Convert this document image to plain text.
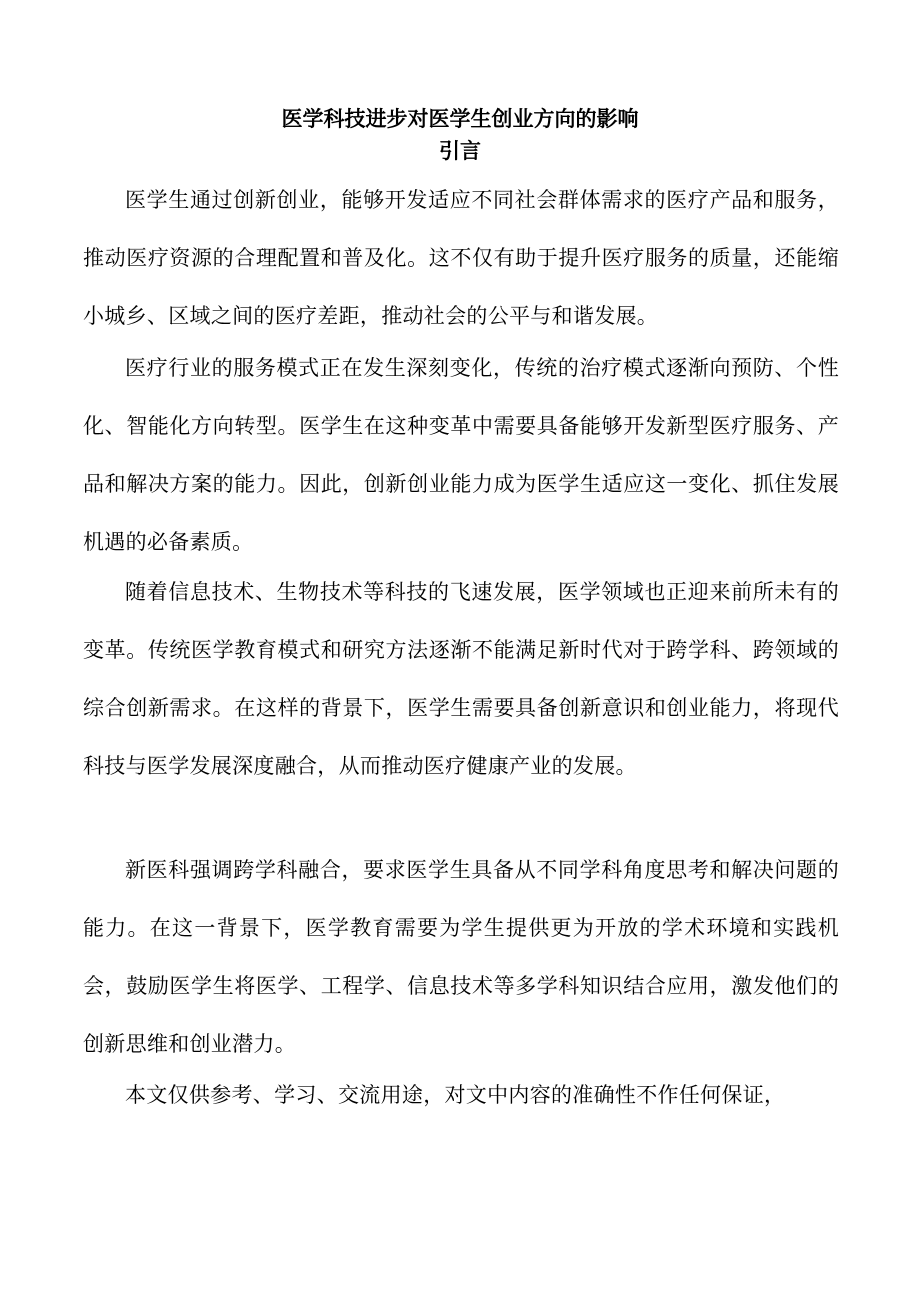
医学科技进步对医学生创业方向的影响
引言

医学生通过创新创业，能够开发适应不同社会群体需求的医疗产品和服务，推动医疗资源的合理配置和普及化。这不仅有助于提升医疗服务的质量，还能缩小城乡、区域之间的医疗差距，推动社会的公平与和谐发展。

医疗行业的服务模式正在发生深刻变化，传统的治疗模式逐渐向预防、个性化、智能化方向转型。医学生在这种变革中需要具备能够开发新型医疗服务、产品和解决方案的能力。因此，创新创业能力成为医学生适应这一变化、抓住发展机遇的必备素质。

随着信息技术、生物技术等科技的飞速发展，医学领域也正迎来前所未有的变革。传统医学教育模式和研究方法逐渐不能满足新时代对于跨学科、跨领域的综合创新需求。在这样的背景下，医学生需要具备创新意识和创业能力，将现代科技与医学发展深度融合，从而推动医疗健康产业的发展。

新医科强调跨学科融合，要求医学生具备从不同学科角度思考和解决问题的能力。在这一背景下，医学教育需要为学生提供更为开放的学术环境和实践机会，鼓励医学生将医学、工程学、信息技术等多学科知识结合应用，激发他们的创新思维和创业潜力。

本文仅供参考、学习、交流用途，对文中内容的准确性不作任何保证，
